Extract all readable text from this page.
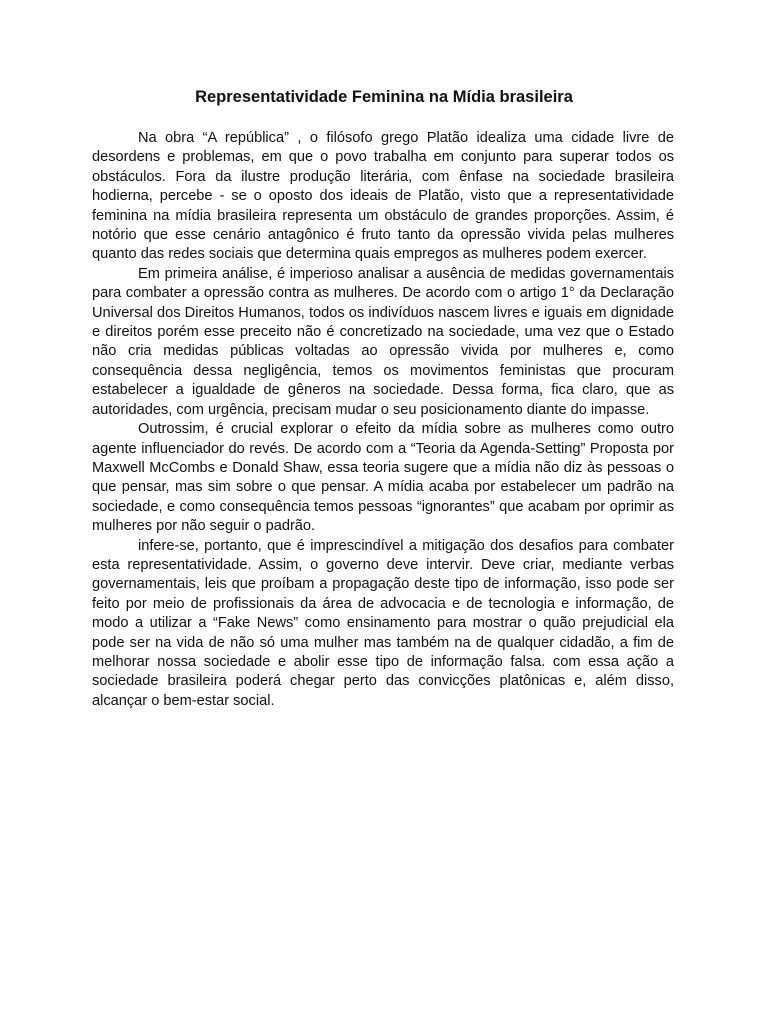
Representatividade Feminina na Mídia brasileira

Na obra “A república” , o filósofo grego Platão idealiza uma cidade livre de desordens e problemas, em que o povo trabalha em conjunto para superar todos os obstáculos. Fora da ilustre produção literária, com ênfase na sociedade brasileira hodierna, percebe - se o oposto dos ideais de Platão, visto que a representatividade feminina na mídia brasileira representa um obstáculo de grandes proporções. Assim, é notório que esse cenário antagônico é fruto tanto da opressão vivida pelas mulheres quanto das redes sociais que determina quais empregos as mulheres podem exercer.

Em primeira análise, é imperioso analisar a ausência de medidas governamentais para combater a opressão contra as mulheres. De acordo com o artigo 1° da Declaração Universal dos Direitos Humanos, todos os indivíduos nascem livres e iguais em dignidade e direitos porém esse preceito não é concretizado na sociedade, uma vez que o Estado não cria medidas públicas voltadas ao opressão vivida por mulheres e, como consequência dessa negligência, temos os movimentos feministas que procuram estabelecer a igualdade de gêneros na sociedade. Dessa forma, fica claro, que as autoridades, com urgência, precisam mudar o seu posicionamento diante do impasse.

Outrossim, é crucial explorar o efeito da mídia sobre as mulheres como outro agente influenciador do revés. De acordo com a “Teoria da Agenda-Setting” Proposta por Maxwell McCombs e Donald Shaw, essa teoria sugere que a mídia não diz às pessoas o que pensar, mas sim sobre o que pensar. A mídia acaba por estabelecer um padrão na sociedade, e como consequência temos pessoas “ignorantes” que acabam por oprimir as mulheres por não seguir o padrão.

infere-se, portanto, que é imprescindível a mitigação dos desafios para combater esta representatividade. Assim, o governo deve intervir. Deve criar, mediante verbas governamentais, leis que proíbam a propagação deste tipo de informação, isso pode ser feito por meio de profissionais da área de advocacia e de tecnologia e informação, de modo a utilizar a “Fake News” como ensinamento para mostrar o quão prejudicial ela pode ser na vida de não só uma mulher mas também na de qualquer cidadão, a fim de melhorar nossa sociedade e abolir esse tipo de informação falsa. com essa ação a sociedade brasileira poderá chegar perto das convicções platônicas e, além disso, alcançar o bem-estar social.
